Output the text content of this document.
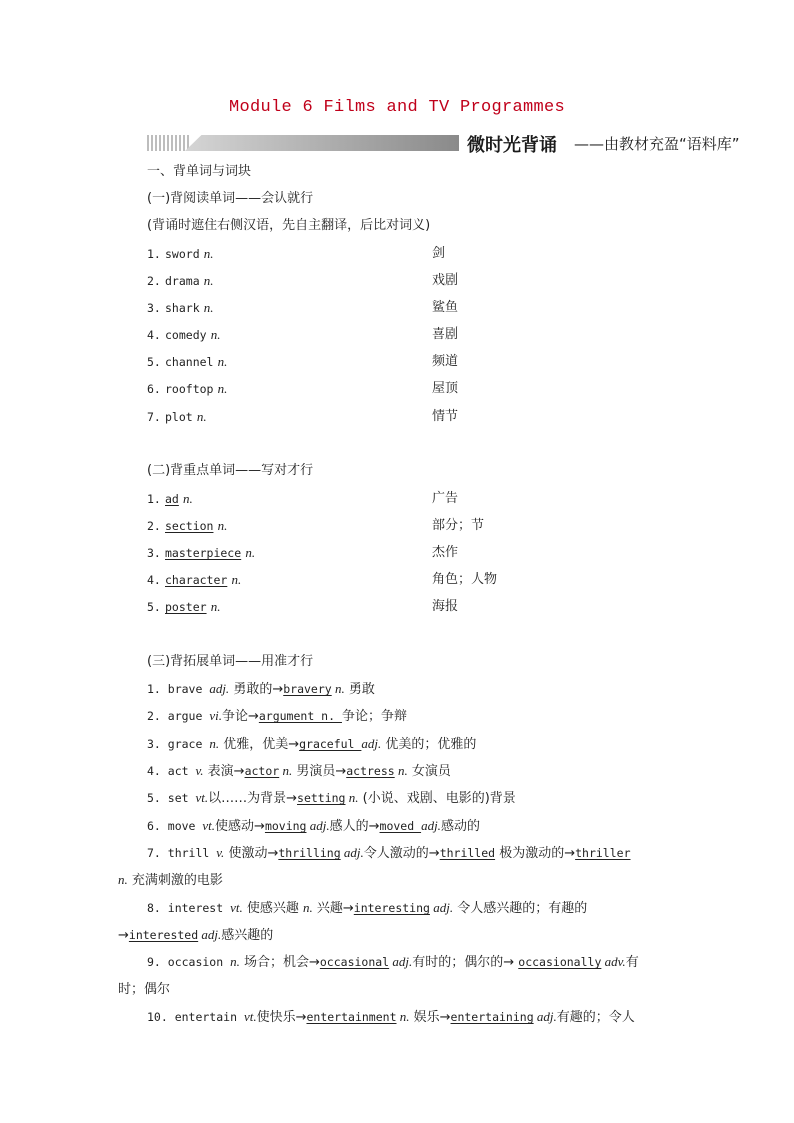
Module 6 Films and TV Programmes
微时光背诵 ——由教材充盈“语料库”
一、背单词与词块
(一)背阅读单词——会认就行
(背诵时遮住右侧汉语，先自主翻译，后比对词义)
1. sword n.	剑
2. drama n.	戏剧
3. shark n.	鲨鱼
4. comedy n.	喜剧
5. channel n.	频道
6. rooftop n.	屋顶
7. plot n.	情节
(二)背重点单词——写对才行
1. ad n.	广告
2. section n.	部分；节
3. masterpiece n.	杰作
4. character n.	角色；人物
5. poster n.	海报
(三)背拓展单词——用准才行
1. brave adj. 勇敢的→bravery n. 勇敢
2. argue vi.争论→argument n. 争论；争辩
3. grace n. 优雅，优美→graceful adj. 优美的；优雅的
4. act v. 表演→actor n. 男演员→actress n. 女演员
5. set vt.以……为背景→setting n. (小说、戏剧、电影的)背景
6. move vt.使感动→moving adj.感人的→moved adj.感动的
7. thrill v. 使激动→thrilling adj.令人激动的→thrilled 极为激动的→thriller
n. 充满刺激的电影
8. interest vt. 使感兴趣 n. 兴趣→interesting adj. 令人感兴趣的；有趣的
→interested adj.感兴趣的
9. occasion n. 场合；机会→occasional adj.有时的；偶尔的→ occasionally adv.有
时；偶尔
10. entertain vt.使快乐→entertainment n. 娱乐→entertaining adj.有趣的；令人
